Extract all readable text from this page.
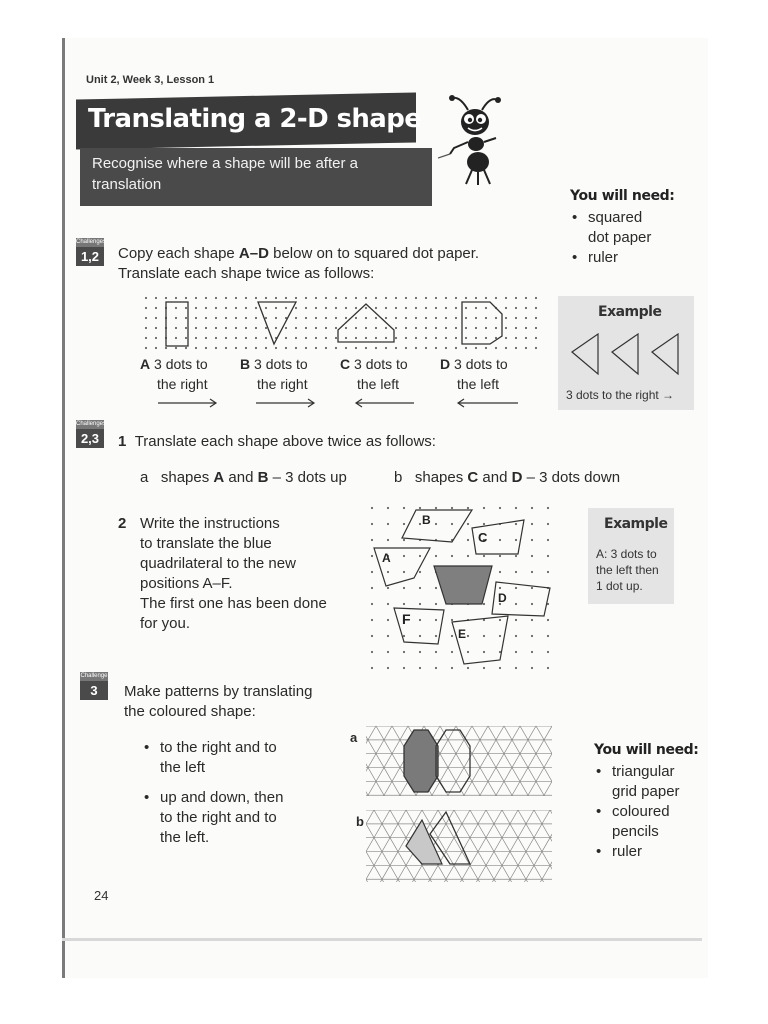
Unit 2, Week 3, Lesson 1
Translating a 2-D shape
Recognise where a shape will be after a translation
You will need:
• squared dot paper
• ruler
Challenges
1,2	Copy each shape A–D below on to squared dot paper.
Translate each shape twice as follows:
A 3 dots to
the right
B 3 dots to
the right
C 3 dots to
the left
D 3 dots to
the left
Example
3 dots to the right →
Challenges
2,3	1 Translate each shape above twice as follows:
a shapes A and B – 3 dots up	b shapes C and D – 3 dots down
2 Write the instructions
to translate the blue
quadrilateral to the new
positions A–F.
The first one has been done
for you.
B
C
A
D
F
E
Example
A: 3 dots to
the left then
1 dot up.
Challenge
3	Make patterns by translating
the coloured shape:
• to the right and to
the left
• up and down, then
to the right and to
the left.
a
b
You will need:
• triangular
grid paper
• coloured
pencils
• ruler
24
